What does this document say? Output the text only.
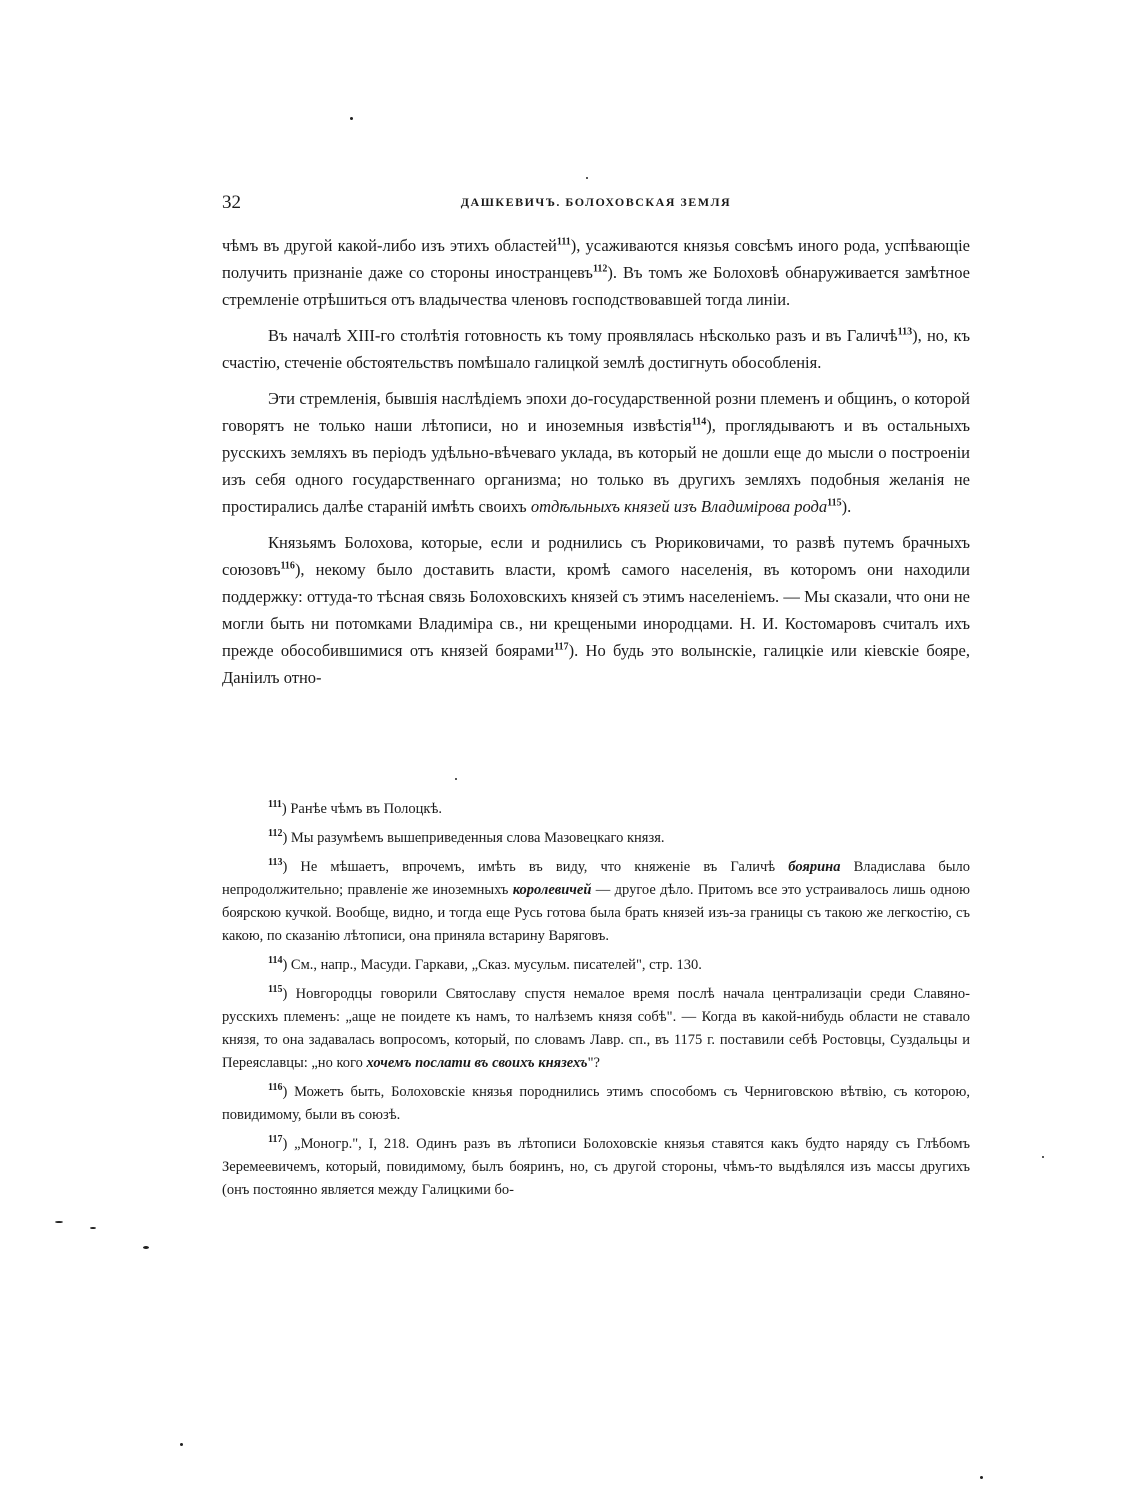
32	ДАШКЕВИЧЪ. БОЛОХОВСКАЯ ЗЕМЛЯ

чѣмъ въ другой какой-либо изъ этихъ областей$^{111}$), усаживаются князья совсѣмъ иного рода, успѣвающіе получить признаніе даже со стороны иностранцевъ$^{112}$). Въ томъ же Болоховѣ обнаруживается замѣтное стремленіе отрѣшиться отъ владычества членовъ господствовавшей тогда линіи.

Въ началѣ XIII-го столѣтія готовность къ тому проявлялась нѣсколько разъ и въ Галичѣ$^{113}$), но, къ счастію, стеченіе обстоятельствъ помѣшало галицкой землѣ достигнуть обособленія.

Эти стремленія, бывшія наслѣдіемъ эпохи до-государственной розни племенъ и общинъ, о которой говорятъ не только наши лѣтописи, но и иноземныя извѣстія$^{114}$), проглядываютъ и въ остальныхъ русскихъ земляхъ въ періодъ удѣльно-вѣчеваго уклада, въ который не дошли еще до мысли о построеніи изъ себя одного государственнаго организма; но только въ другихъ земляхъ подобныя желанія не простирались далѣе стараній имѣть своихъ отдѣльныхъ князей изъ Владимірова рода$^{115}$).

Князьямъ Болохова, которые, если и роднились съ Рюриковичами, то развѣ путемъ брачныхъ союзовъ$^{116}$), некому было доставить власти, кромѣ самого населенія, въ которомъ они находили поддержку: оттуда-то тѣсная связь Болоховскихъ князей съ этимъ населеніемъ. — Мы сказали, что они не могли быть ни потомками Владиміра св., ни крещеными инородцами. Н. И. Костомаровъ считалъ ихъ прежде обособившимися отъ князей боярами$^{117}$). Но будь это волынскіе, галицкіе или кіевскіе бояре, Даніилъ отно-

$^{111}$) Ранѣе чѣмъ въ Полоцкѣ.

$^{112}$) Мы разумѣемъ вышеприведенныя слова Мазовецкаго князя.

$^{113}$) Не мѣшаетъ, впрочемъ, имѣть въ виду, что княженіе въ Галичѣ боярина Владислава было непродолжительно; правленіе же иноземныхъ королевичей — другое дѣло. Притомъ все это устраивалось лишь одною боярскою кучкой. Вообще, видно, и тогда еще Русь готова была брать князей изъ-за границы съ такою же легкостію, съ какою, по сказанію лѣтописи, она приняла встарину Варяговъ.

$^{114}$) См., напр., Масуди. Гаркави, „Сказ. мусульм. писателей", стр. 130.

$^{115}$) Новгородцы говорили Святославу спустя немалое время послѣ начала централизаціи среди Славяно-русскихъ племенъ: „аще не поидете къ намъ, то налѣземъ князя собѣ". — Когда въ какой-нибудь области не ставало князя, то она задавалась вопросомъ, который, по словамъ Лавр. сп., въ 1175 г. поставили себѣ Ростовцы, Суздальцы и Переяславцы: „но кого хочемъ послати въ своихъ князехъ"?

$^{116}$) Можетъ быть, Болоховскіе князья породнились этимъ способомъ съ Черниговскою вѣтвію, съ которою, повидимому, были въ союзѣ.

$^{117}$) „Моногр.", I, 218. Одинъ разъ въ лѣтописи Болоховскіе князья ставятся какъ будто наряду съ Глѣбомъ Зеремеевичемъ, который, повидимому, былъ бояринъ, но, съ другой стороны, чѣмъ-то выдѣлялся изъ массы другихъ (онъ постоянно является между Галицкими бо-
